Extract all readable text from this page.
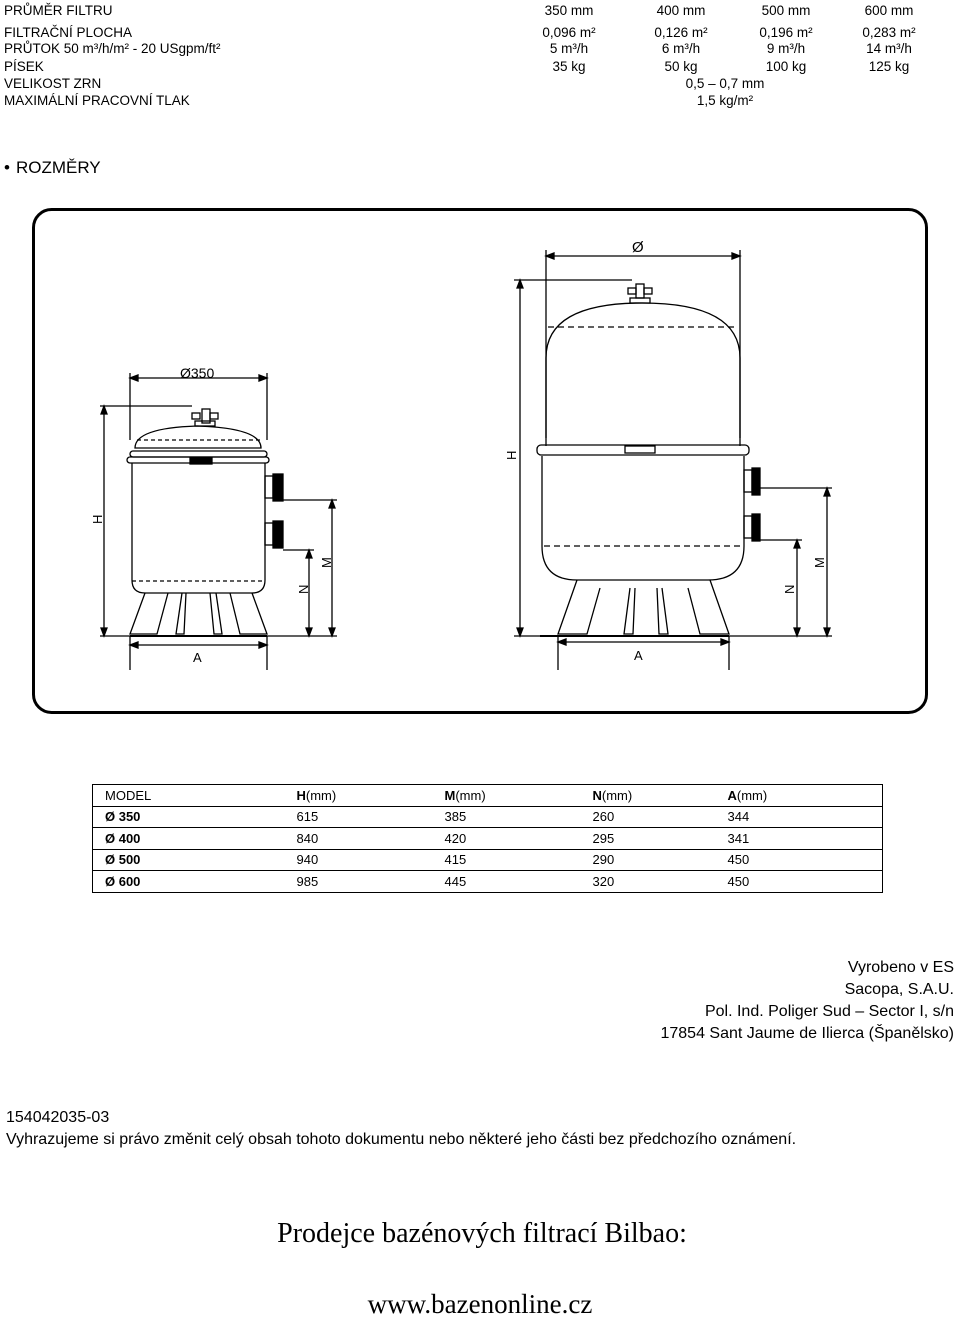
PRŮMĚR FILTRU	350 mm	400 mm	500 mm	600 mm
FILTRAČNÍ PLOCHA	0,096 m²	0,126 m²	0,196 m²	0,283 m²
PRŮTOK 50 m³/h/m² - 20 USgpm/ft²	5 m³/h	6 m³/h	9 m³/h	14 m³/h
PÍSEK	35 kg	50 kg	100 kg	125 kg
VELIKOST ZRN	0,5 – 0,7 mm
MAXIMÁLNÍ PRACOVNÍ TLAK	1,5 kg/m²
• ROZMĚRY
Ø350
H
N
M
A
Ø
H
N
M
A
MODEL	H(mm)	M(mm)	N(mm)	A(mm)
Ø 350	615	385	260	344
Ø 400	840	420	295	341
Ø 500	940	415	290	450
Ø 600	985	445	320	450
Vyrobeno v ES
Sacopa, S.A.U.
Pol. Ind. Poliger Sud – Sector I, s/n
17854 Sant Jaume de Ilierca (Španělsko)
154042035-03
Vyhrazujeme si právo změnit celý obsah tohoto dokumentu nebo některé jeho části bez předchozího oznámení.
Prodejce bazénových filtrací Bilbao:
www.bazenonline.cz
